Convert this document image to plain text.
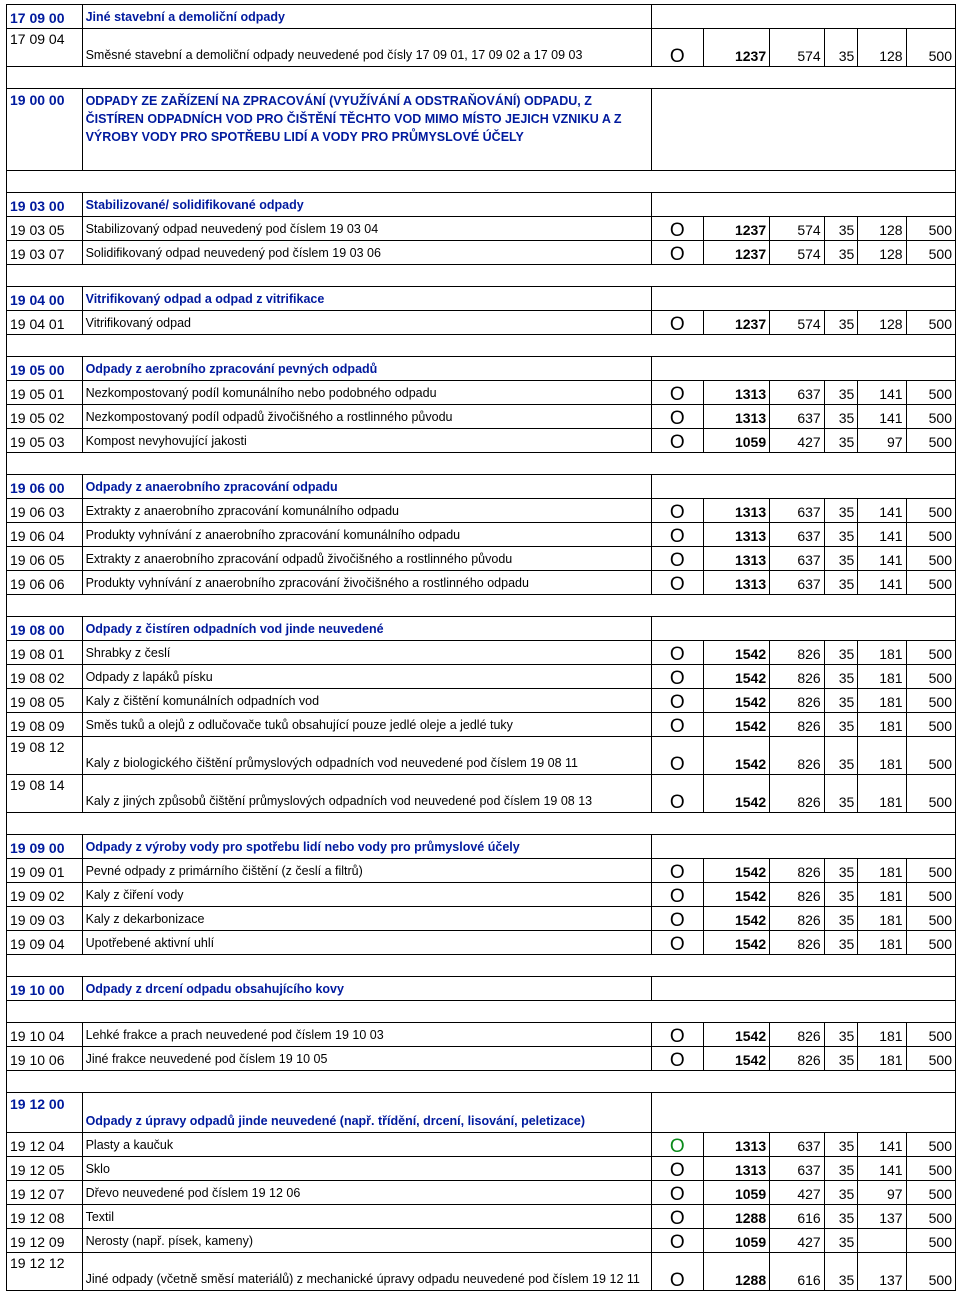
17 09 00	Jiné stavební a demoliční odpady						
17 09 04	Směsné stavební a demoliční odpady neuvedené pod čísly 17 09 01, 17 09 02 a 17 09 03	O	1237	574	35	128	500

19 00 00	ODPADY ZE ZAŘÍZENÍ NA ZPRACOVÁNÍ (VYUŽÍVÁNÍ A ODSTRAŇOVÁNÍ) ODPADU, Z ČISTÍREN ODPADNÍCH VOD PRO ČIŠTĚNÍ TĚCHTO VOD MIMO MÍSTO JEJICH VZNIKU A Z VÝROBY VODY PRO SPOTŘEBU LIDÍ A VODY PRO PRŮMYSLOVÉ ÚČELY						

19 03 00	Stabilizované/ solidifikované odpady						
19 03 05	Stabilizovaný odpad neuvedený pod číslem 19 03 04	O	1237	574	35	128	500
19 03 07	Solidifikovaný odpad neuvedený pod číslem 19 03 06	O	1237	574	35	128	500

19 04 00	Vitrifikovaný odpad a odpad z vitrifikace						
19 04 01	Vitrifikovaný odpad	O	1237	574	35	128	500

19 05 00	Odpady z aerobního zpracování pevných odpadů						
19 05 01	Nezkompostovaný podíl komunálního nebo podobného odpadu	O	1313	637	35	141	500
19 05 02	Nezkompostovaný podíl odpadů živočišného a rostlinného původu	O	1313	637	35	141	500
19 05 03	Kompost nevyhovující jakosti	O	1059	427	35	97	500

19 06 00	Odpady z anaerobního zpracování odpadu						
19 06 03	Extrakty z anaerobního zpracování komunálního odpadu	O	1313	637	35	141	500
19 06 04	Produkty vyhnívání z anaerobního zpracování komunálního odpadu	O	1313	637	35	141	500
19 06 05	Extrakty z anaerobního zpracování odpadů živočišného a rostlinného původu	O	1313	637	35	141	500
19 06 06	Produkty vyhnívání z anaerobního zpracování živočišného a rostlinného odpadu	O	1313	637	35	141	500

19 08 00	Odpady z čistíren odpadních vod jinde neuvedené						
19 08 01	Shrabky z česlí	O	1542	826	35	181	500
19 08 02	Odpady z lapáků písku	O	1542	826	35	181	500
19 08 05	Kaly z čištění komunálních odpadních vod	O	1542	826	35	181	500
19 08 09	Směs tuků a olejů z odlučovače tuků obsahující pouze jedlé oleje a jedlé tuky	O	1542	826	35	181	500
19 08 12	Kaly z biologického čištění průmyslových odpadních vod neuvedené pod číslem 19 08 11	O	1542	826	35	181	500
19 08 14	Kaly z jiných způsobů čištění průmyslových odpadních vod neuvedené pod číslem 19 08 13	O	1542	826	35	181	500

19 09 00	Odpady z výroby vody pro spotřebu lidí nebo vody pro průmyslové účely						
19 09 01	Pevné odpady z primárního čištění (z česlí a filtrů)	O	1542	826	35	181	500
19 09 02	Kaly z čiření vody	O	1542	826	35	181	500
19 09 03	Kaly z dekarbonizace	O	1542	826	35	181	500
19 09 04	Upotřebené aktivní uhlí	O	1542	826	35	181	500

19 10 00	Odpady z drcení odpadu obsahujícího kovy						

19 10 04	Lehké frakce a prach neuvedené pod číslem 19 10 03	O	1542	826	35	181	500
19 10 06	Jiné frakce neuvedené pod číslem 19 10 05	O	1542	826	35	181	500

19 12 00	Odpady z úpravy odpadů jinde neuvedené (např. třídění, drcení, lisování, peletizace)						
19 12 04	Plasty a kaučuk	O	1313	637	35	141	500
19 12 05	Sklo	O	1313	637	35	141	500
19 12 07	Dřevo neuvedené pod číslem 19 12 06	O	1059	427	35	97	500
19 12 08	Textil	O	1288	616	35	137	500
19 12 09	Nerosty (např. písek, kameny)	O	1059	427	35		500
19 12 12	Jiné odpady (včetně směsí materiálů) z mechanické úpravy odpadu neuvedené pod číslem 19 12 11	O	1288	616	35	137	500
